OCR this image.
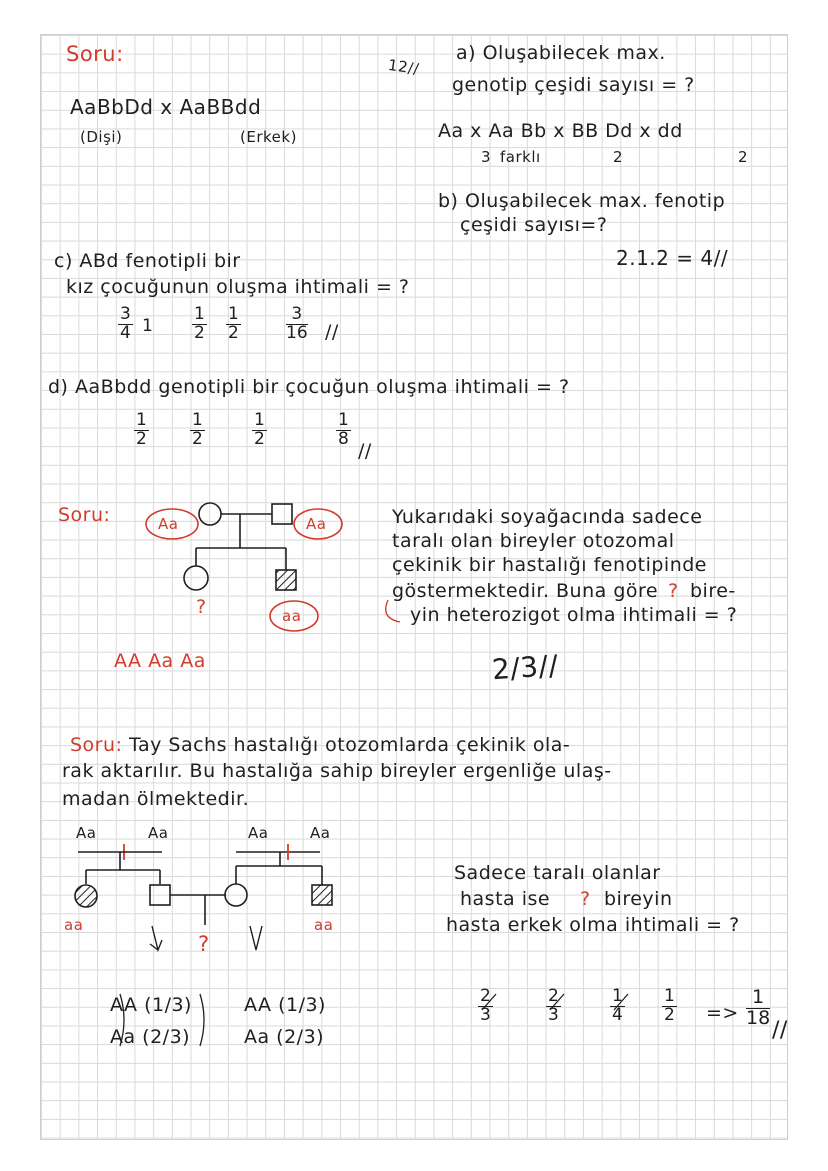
Soru:
AaBbDd x AaBBdd
(Dişi)	(Erkek)
12//
a) Oluşabilecek max.
genotip çeşidi sayısı = ?
Aa x Aa Bb x BB Dd x dd
3 farklı	2	2
b) Oluşabilecek max. fenotip
çeşidi sayısı=?
2.1.2 = 4//
c) ABd fenotipli bir
kız çocuğunun oluşma ihtimali = ?
$\frac{3}{4} 1 \frac{1}{2} \frac{1}{2}$	$\frac{3}{16}$ //
d) AaBbdd genotipli bir çocuğun oluşma ihtimali = ?
$\frac{1}{2} \frac{1}{2}$	$\frac{1}{2}$	$\frac{1}{8}$
//
Soru:	Aa	Aa
?	aa
AA Aa Aa
Yukarıdaki soyağacında sadece
taralı olan bireyler otozomal
çekinik bir hastalığı fenotipinde
göstermektedir. Buna göre ? bire-
yin heterozigot olma ihtimali = ?
2/3//
Soru: Tay Sachs hastalığı otozomlarda çekinik ola-
rak aktarılır. Bu hastalığa sahip bireyler ergenliğe ulaş-
madan ölmektedir.
Aa	Aa	Aa	Aa
aa	aa
?
AA (1/3)
Aa (2/3)
AA (1/3)
Aa (2/3)
Sadece taralı olanlar
hasta ise ? bireyin
hasta erkek olma ihtimali = ?
$\frac{2}{3}$	$\frac{2}{3}$	$\frac{1}{4} \frac{1}{2} => \frac{1}{18}$
//
